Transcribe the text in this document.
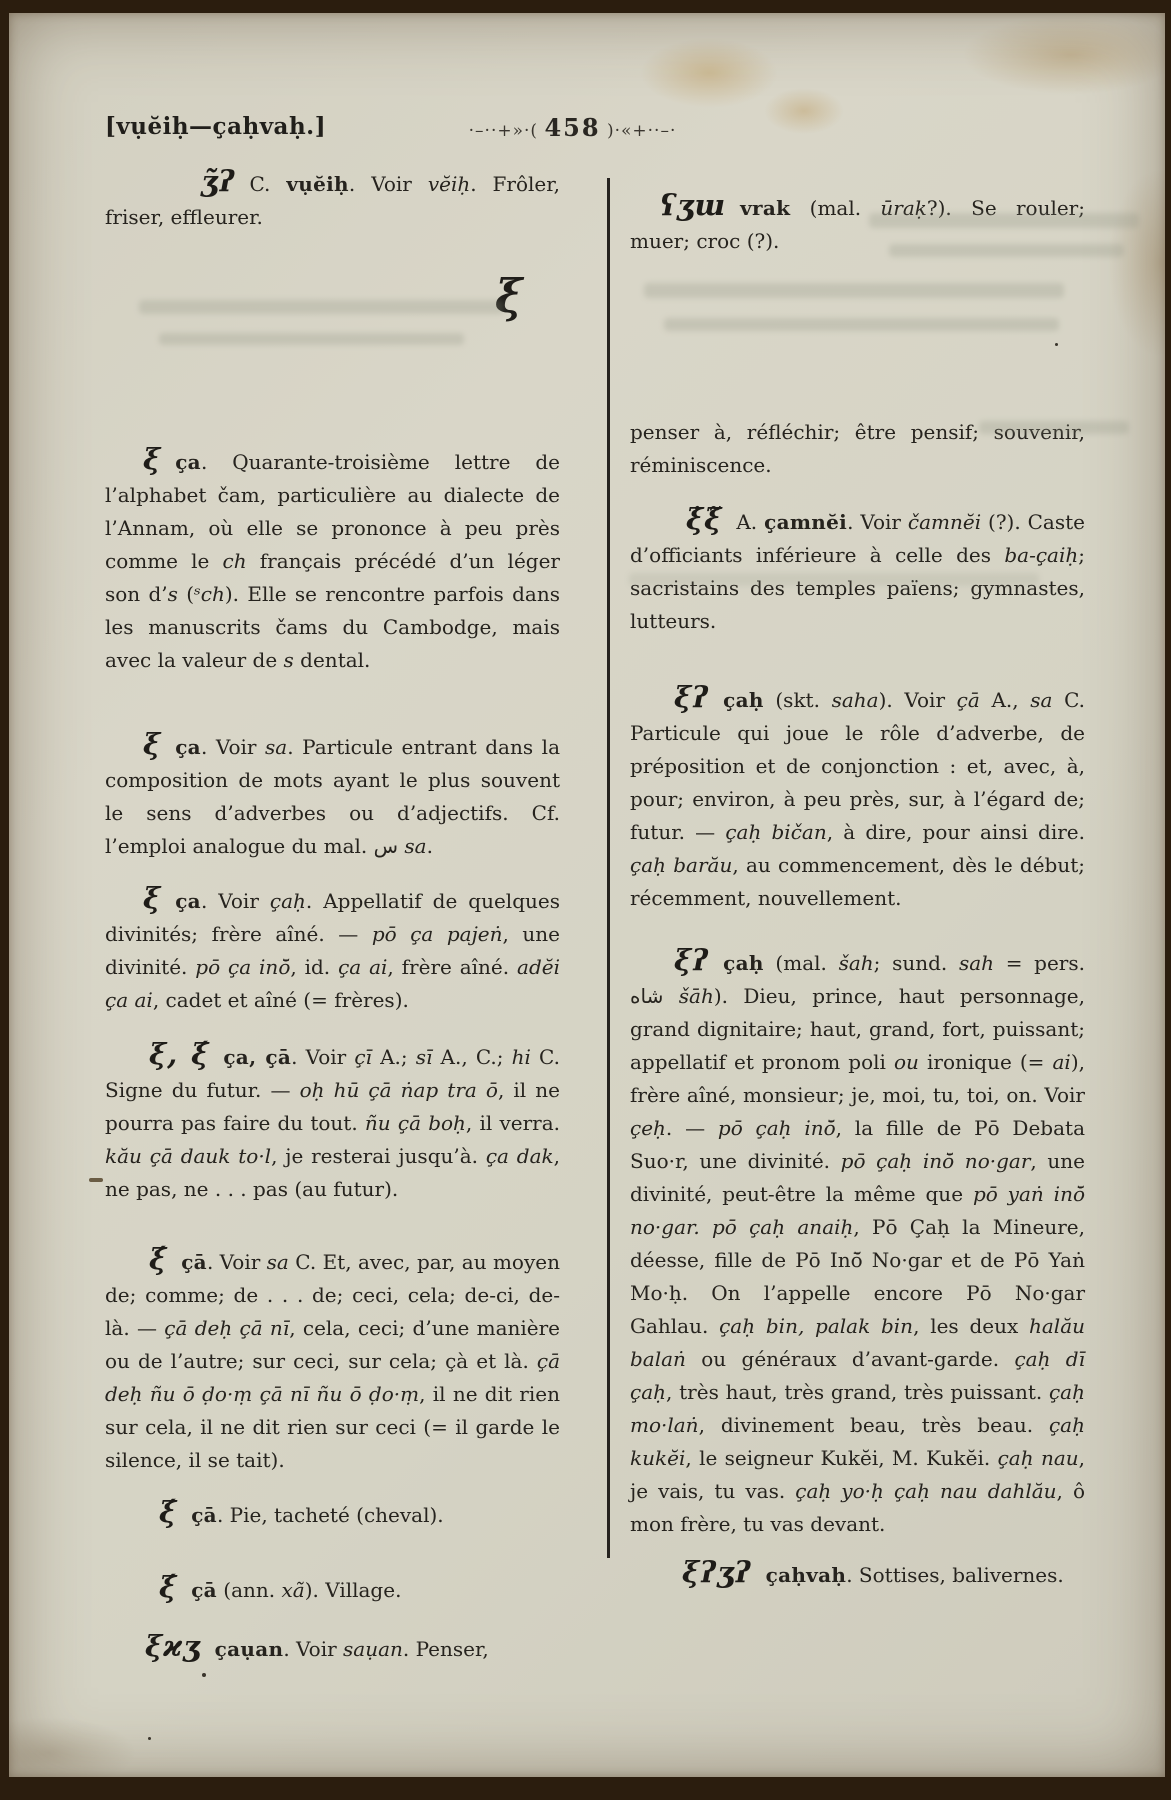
[vụĕiḥ—çaḥvaḥ.]	·–··+»·( 458 )·«+··–·
ξ

ʒ̃ʔ C. vụĕiḥ. Voir vĕiḥ. Frôler, friser, effleurer.

ξ ça. Quarante-troisième lettre de l’alphabet čam, particulière au dialecte de l’Annam, où elle se prononce à peu près comme le ch français précédé d’un léger son d’s (ˢch). Elle se rencontre parfois dans les manuscrits čams du Cambodge, mais avec la valeur de s dental.

ξ ça. Voir sa. Particule entrant dans la composition de mots ayant le plus souvent le sens d’adverbes ou d’adjectifs. Cf. l’emploi analogue du mal. س sa.

ξ ça. Voir çaḥ. Appellatif de quelques divinités; frère aîné. — pō ça pajeṅ, une divinité. pō ça inō̆, id. ça ai, frère aîné. adĕi ça ai, cadet et aîné (= frères).

ξ, ξ́ ça, çā. Voir çī A.; sī A., C.; hi C. Signe du futur. — oḥ hū çā ṅap tra ō, il ne pourra pas faire du tout. ñu çā boḥ, il verra. kău çā dauk to·l, je resterai jusqu’à. ça dak, ne pas, ne . . . pas (au futur).

ξ́ çā. Voir sa C. Et, avec, par, au moyen de; comme; de . . . de; ceci, cela; de-ci, de-là. — çā deḥ çā nī, cela, ceci; d’une manière ou de l’autre; sur ceci, sur cela; çà et là. çā deḥ ñu ō ḍo·ṃ çā nī ñu ō ḍo·ṃ, il ne dit rien sur cela, il ne dit rien sur ceci (= il garde le silence, il se tait).

ξ́ çā. Pie, tacheté (cheval).

ξ́ çā (ann. xã). Village.

ξϰʒ çaụan. Voir saụan. Penser,

ʕʒɯ vrak (mal. ūraḳ?). Se rouler; muer; croc (?).

penser à, réfléchir; être pensif; souvenir, réminiscence.

ξ̇ξ̃ A. çamnĕi. Voir čamnĕi (?). Caste d’officiants inférieure à celle des ba-çaiḥ; sacristains des temples païens; gymnastes, lutteurs.

ξʔ çaḥ (skt. saha). Voir çā A., sa C. Particule qui joue le rôle d’adverbe, de préposition et de conjonction : et, avec, à, pour; environ, à peu près, sur, à l’égard de; futur. — çaḥ bičan, à dire, pour ainsi dire. çaḥ barău, au commencement, dès le début; récemment, nouvellement.

ξʔ çaḥ (mal. šah; sund. sah = pers. شاه šāh). Dieu, prince, haut personnage, grand dignitaire; haut, grand, fort, puissant; appellatif et pronom poli ou ironique (= ai), frère aîné, monsieur; je, moi, tu, toi, on. Voir çeḥ. — pō çaḥ inō̆, la fille de Pō Debata Suo·r, une divinité. pō çaḥ inō̆ no·gar, une divinité, peut-être la même que pō yaṅ inō̆ no·gar. pō çaḥ anaiḥ, Pō Çaḥ la Mineure, déesse, fille de Pō Inō̆ No·gar et de Pō Yaṅ Mo·ḥ. On l’appelle encore Pō No·gar Gahlau. çaḥ bin, palak bin, les deux halău balaṅ ou généraux d’avant-garde. çaḥ dī çaḥ, très haut, très grand, très puissant. çaḥ mo·laṅ, divinement beau, très beau. çaḥ kukĕi, le seigneur Kukĕi, M. Kukĕi. çaḥ nau, je vais, tu vas. çaḥ yo·ḥ çaḥ nau dahlău, ô mon frère, tu vas devant.

ξʔʒʔ çaḥvaḥ. Sottises, balivernes.
